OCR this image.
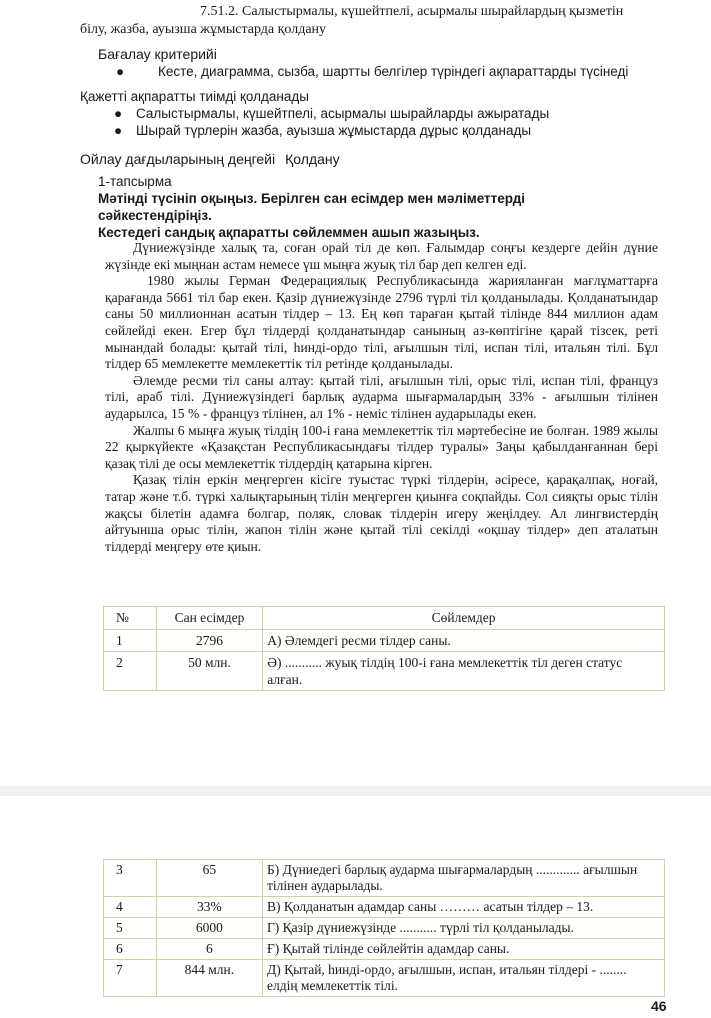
7.51.2. Салыстырмалы, күшейтпелі, асырмалы шырайлардың қызметін

білу, жазба, ауызша жұмыстарда қолдану

Бағалау критерийі

●	Кесте, диаграмма, сызба, шартты белгілер түріндегі ақпараттарды түсінеді

Қажетті ақпаратты тиімді қолданады

● Салыстырмалы, күшейтпелі, асырмалы шырайларды ажыратады

● Шырай түрлерін жазба, ауызша жұмыстарда дұрыс қолданады

Ойлау дағдыларының деңгейі Қолдану

1-тапсырма

Мәтінді түсініп оқыңыз. Берілген сан есімдер мен мәліметтерді сәйкестендіріңіз.
Кестедегі сандық ақпаратты сөйлеммен ашып жазыңыз.

Дүниежүзінде халық та, соған орай тіл де көп. Ғалымдар соңғы кездерге дейін дүние жүзінде екі мыңнан астам немесе үш мыңға жуық тіл бар деп келген еді.

1980 жылы Герман Федерациялық Республикасында жарияланған мағлұматтарға қарағанда 5661 тіл бар екен. Қазір дүниежүзінде 2796 түрлі тіл қолданылады. Қолданатындар саны 50 миллионнан асатын тілдер – 13. Ең көп тараған қытай тілінде 844 миллион адам сөйлейді екен. Егер бұл тілдерді қолданатындар санының аз-көптігіне қарай тізсек, реті мынандай болады: қытай тілі, һинді-ордо тілі, ағылшын тілі, испан тілі, итальян тілі. Бұл тілдер 65 мемлекетте мемлекеттік тіл ретінде қолданылады.

Әлемде ресми тіл саны алтау: қытай тілі, ағылшын тілі, орыс тілі, испан тілі, француз тілі, араб тілі. Дүниежүзіндегі барлық аударма шығармалардың 33% - ағылшын тілінен аударылса, 15 % - француз тілінен, ал 1% - неміс тілінен аударылады екен.

Жалпы 6 мыңға жуық тілдің 100-і ғана мемлекеттік тіл мәртебесіне ие болған. 1989 жылы 22 қыркүйекте «Қазақстан Республикасындағы тілдер туралы» Заңы қабылданғаннан бері қазақ тілі де осы мемлекеттік тілдердің қатарына кірген.

Қазақ тілін еркін меңгерген кісіге туыстас түркі тілдерін, әсіресе, қарақалпақ, ноғай, татар және т.б. түркі халықтарының тілін меңгерген қиынға соқпайды. Сол сияқты орыс тілін жақсы білетін адамға болгар, поляк, словак тілдерін игеру жеңілдеу. Ал лингвистердің айтуынша орыс тілін, жапон тілін және қытай тілі секілді «оқшау тілдер» деп аталатын тілдерді меңгеру өте қиын.

№	Сан есімдер	Сөйлемдер
1	2796	А) Әлемдегі ресми тілдер саны.
2	50 млн.	Ә) ........... жуық тілдің 100-і ғана мемлекеттік тіл деген статус алған.
3	65	Б) Дүниедегі барлық аударма шығармалардың ............. ағылшын тілінен аударылады.
4	33%	В) Қолданатын адамдар саны ……… асатын тілдер – 13.
5	6000	Г) Қазір дүниежүзінде ........... түрлі тіл қолданылады.
6	6	Ғ) Қытай тілінде сөйлейтін адамдар саны.
7	844 млн.	Д) Қытай, һинді-ордо, ағылшын, испан, итальян тілдері - ........ елдің мемлекеттік тілі.

46
